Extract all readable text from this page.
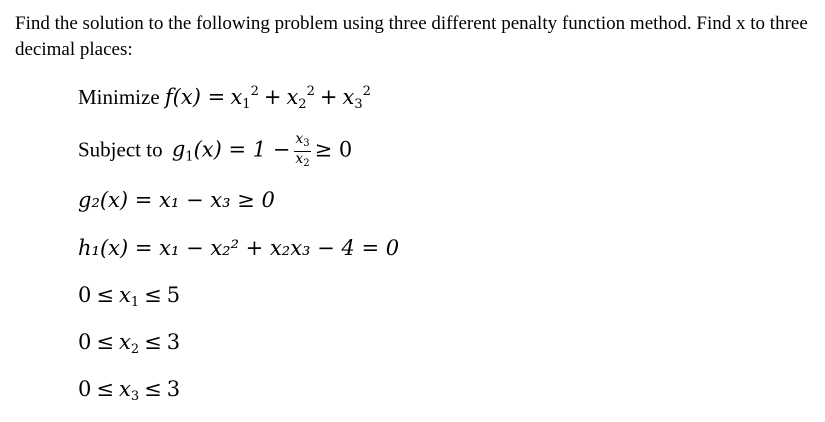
Find the solution to the following problem using three different penalty function method. Find x to three decimal places:
Minimize $f(x) = x_1^2 + x_2^2 + x_3^2$
Subject to $g_1(x) = 1 - \frac{x_3}{x_2} \ge 0$
g₂(x) = x₁ − x₃ ≥ 0
h₁(x) = x₁ − x₂² + x₂x₃ − 4 = 0
$0 \le x_1 \le 5$
$0 \le x_2 \le 3$
$0 \le x_3 \le 3$
